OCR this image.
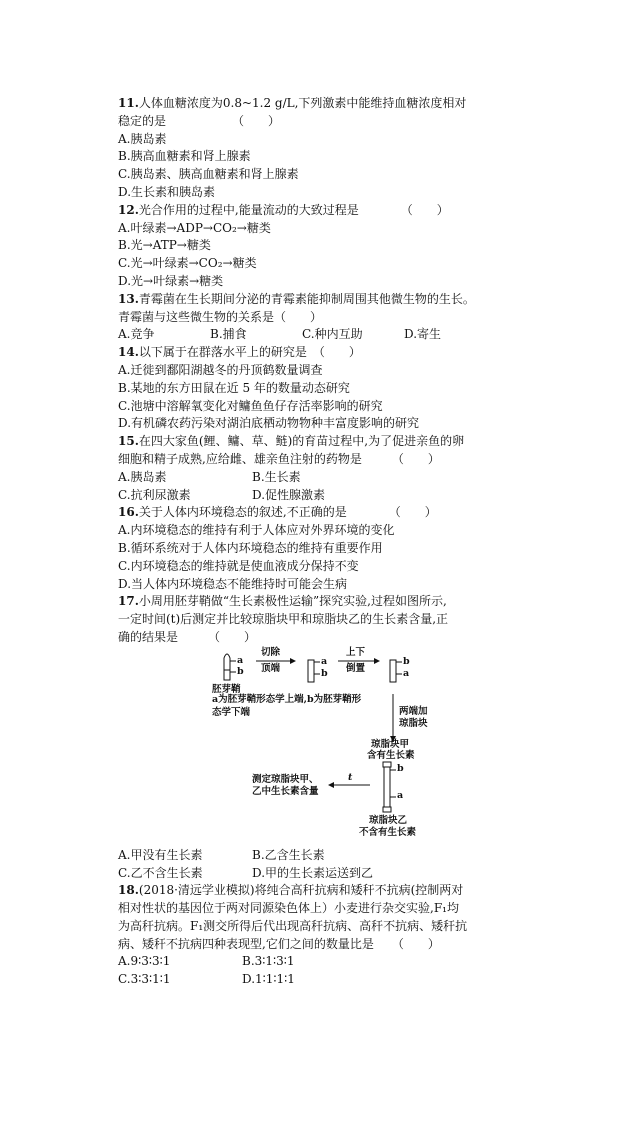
11.人体血糖浓度为0.8~1.2 g/L,下列激素中能维持血糖浓度相对
稳定的是　　　　　　（　　）
A.胰岛素
B.胰高血糖素和肾上腺素
C.胰岛素、胰高血糖素和肾上腺素
D.生长素和胰岛素
12.光合作用的过程中,能量流动的大致过程是　　　　（　　）
A.叶绿素→ADP→CO₂→糖类
B.光→ATP→糖类
C.光→叶绿素→CO₂→糖类
D.光→叶绿素→糖类
13.青霉菌在生长期间分泌的青霉素能抑制周围其他微生物的生长。
青霉菌与这些微生物的关系是（　　）
A.竞争	B.捕食	C.种内互助	D.寄生
14.以下属于在群落水平上的研究是　（　　）
A.迁徙到鄱阳湖越冬的丹顶鹤数量调查
B.某地的东方田鼠在近 5 年的数量动态研究
C.池塘中溶解氧变化对鳙鱼鱼仔存活率影响的研究
D.有机磷农药污染对湖泊底栖动物物种丰富度影响的研究
15.在四大家鱼(鲤、鳙、草、鲢)的育苗过程中,为了促进亲鱼的卵
细胞和精子成熟,应给雌、雄亲鱼注射的药物是　　　（　　）
A.胰岛素	B.生长素
C.抗利尿激素	D.促性腺激素
16.关于人体内环境稳态的叙述,不正确的是　　　　（　　）
A.内环境稳态的维持有利于人体应对外界环境的变化
B.循环系统对于人体内环境稳态的维持有重要作用
C.内环境稳态的维持就是使血液成分保持不变
D.当人体内环境稳态不能维持时可能会生病
17.小周用胚芽鞘做“生长素极性运输”探究实验,过程如图所示,
一定时间(t)后测定并比较琼脂块甲和琼脂块乙的生长素含量,正
确的结果是　　　（　　）
a
b
胚芽鞘
切除
顶端
a
b
上下
倒置
b
a
a为胚芽鞘形态学上端,b为胚芽鞘形
态学下端	两端加
琼脂块
琼脂块甲
含有生长素
b
a
t
测定琼脂块甲、
乙中生长素含量
琼脂块乙
不含有生长素
A.甲没有生长素	B.乙含生长素
C.乙不含生长素	D.甲的生长素运送到乙
18.(2018·清远学业模拟)将纯合高秆抗病和矮秆不抗病(控制两对
相对性状的基因位于两对同源染色体上）小麦进行杂交实验,F₁均
为高秆抗病。F₁测交所得后代出现高秆抗病、高秆不抗病、矮秆抗
病、矮秆不抗病四种表现型,它们之间的数量比是　　（　　）
A.9∶3∶3∶1	B.3∶1∶3∶1
C.3∶3∶1∶1	D.1∶1∶1∶1
